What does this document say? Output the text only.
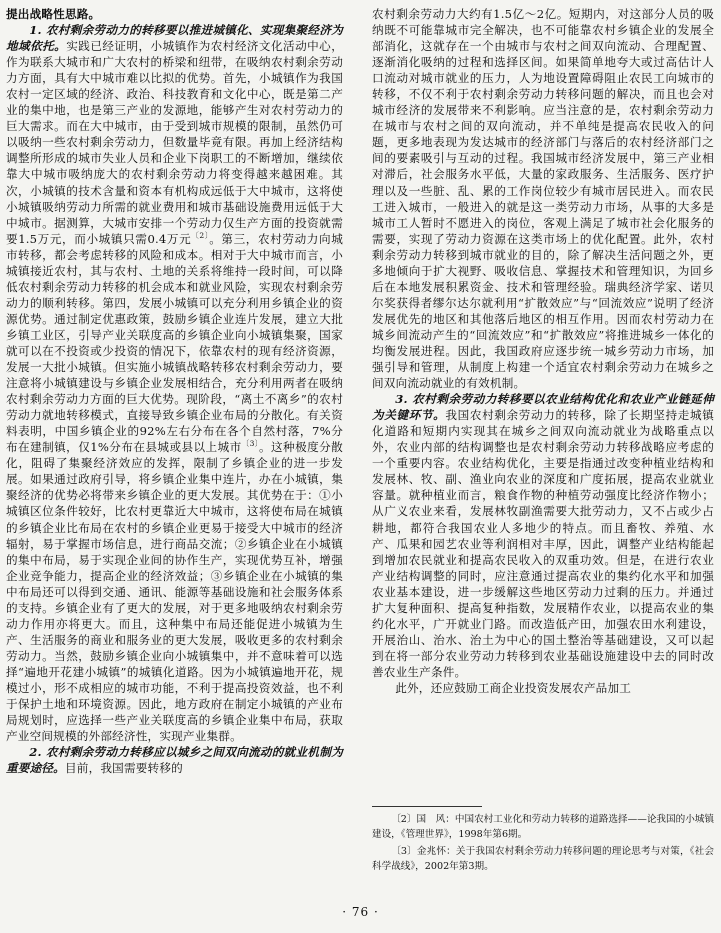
提出战略性思路。

1. 农村剩余劳动力的转移要以推进城镇化、实现集聚经济为地域依托。实践已经证明，小城镇作为农村经济文化活动中心，作为联系大城市和广大农村的桥梁和纽带，在吸纳农村剩余劳动力方面，具有大中城市难以比拟的优势。首先，小城镇作为我国农村一定区域的经济、政治、科技教育和文化中心，既是第二产业的集中地，也是第三产业的发源地，能够产生对农村劳动力的巨大需求。而在大中城市，由于受到城市规模的限制，虽然仍可以吸纳一些农村剩余劳动力，但数量毕竟有限。再加上经济结构调整所形成的城市失业人员和企业下岗职工的不断增加，继续依靠大中城市吸纳庞大的农村剩余劳动力将变得越来越困难。其次，小城镇的技术含量和资本有机构成远低于大中城市，这将使小城镇吸纳劳动力所需的就业费用和城市基础设施费用远低于大中城市。据测算，大城市安排一个劳动力仅生产方面的投资就需要1.5万元，而小城镇只需0.4万元$^{〔2〕}$。第三，农村劳动力向城市转移，都会考虑转移的风险和成本。相对于大中城市而言，小城镇接近农村，其与农村、土地的关系将维持一段时间，可以降低农村剩余劳动力转移的机会成本和就业风险，实现农村剩余劳动力的顺利转移。第四，发展小城镇可以充分利用乡镇企业的资源优势。通过制定优惠政策，鼓励乡镇企业连片发展，建立大批乡镇工业区，引导产业关联度高的乡镇企业向小城镇集聚，国家就可以在不投资或少投资的情况下，依靠农村的现有经济资源，发展一大批小城镇。但实施小城镇战略转移农村剩余劳动力，要注意将小城镇建设与乡镇企业发展相结合，充分利用两者在吸纳农村剩余劳动力方面的巨大优势。现阶段，“离土不离乡”的农村劳动力就地转移模式，直接导致乡镇企业布局的分散化。有关资料表明，中国乡镇企业的92%左右分布在各个自然村落，7%分布在建制镇，仅1%分布在县城或县以上城市$^{〔3〕}$。这种极度分散化，阻碍了集聚经济效应的发挥，限制了乡镇企业的进一步发展。如果通过政府引导，将乡镇企业集中连片，办在小城镇，集聚经济的优势必将带来乡镇企业的更大发展。其优势在于：①小城镇区位条件较好，比农村更靠近大中城市，这将使布局在城镇的乡镇企业比布局在农村的乡镇企业更易于接受大中城市的经济辐射，易于掌握市场信息，进行商品交流；②乡镇企业在小城镇的集中布局，易于实现企业间的协作生产，实现优势互补，增强企业竞争能力，提高企业的经济效益；③乡镇企业在小城镇的集中布局还可以得到交通、通讯、能源等基础设施和社会服务体系的支持。乡镇企业有了更大的发展，对于更多地吸纳农村剩余劳动力作用亦将更大。而且，这种集中布局还能促进小城镇为生产、生活服务的商业和服务业的更大发展，吸收更多的农村剩余劳动力。当然，鼓励乡镇企业向小城镇集中，并不意味着可以选择“遍地开花建小城镇”的城镇化道路。因为小城镇遍地开花，规模过小，形不成相应的城市功能，不利于提高投资效益，也不利于保护土地和环境资源。因此，地方政府在制定小城镇的产业布局规划时，应选择一些产业关联度高的乡镇企业集中布局，获取产业空间规模的外部经济性，实现产业集群。

2. 农村剩余劳动力转移应以城乡之间双向流动的就业机制为重要途径。目前，我国需要转移的

农村剩余劳动力大约有1.5亿～2亿。短期内，对这部分人员的吸纳既不可能靠城市完全解决，也不可能靠农村乡镇企业的发展全部消化，这就存在一个由城市与农村之间双向流动、合理配置、逐渐消化吸纳的过程和选择区间。如果简单地夸大或过高估计人口流动对城市就业的压力，人为地设置障碍阻止农民工向城市的转移，不仅不利于农村剩余劳动力转移问题的解决，而且也会对城市经济的发展带来不利影响。应当注意的是，农村剩余劳动力在城市与农村之间的双向流动，并不单纯是提高农民收入的问题，更多地表现为发达城市的经济部门与落后的农村经济部门之间的要素吸引与互动的过程。我国城市经济发展中，第三产业相对滞后，社会服务水平低，大量的家政服务、生活服务、医疗护理以及一些脏、乱、累的工作岗位较少有城市居民进入。而农民工进入城市，一般进入的就是这一类劳动力市场，从事的大多是城市工人暂时不愿进入的岗位，客观上满足了城市社会化服务的需要，实现了劳动力资源在这类市场上的优化配置。此外，农村剩余劳动力转移到城市就业的目的，除了解决生活问题之外，更多地倾向于扩大视野、吸收信息、掌握技术和管理知识，为回乡后在本地发展积累资金、技术和管理经验。瑞典经济学家、诺贝尔奖获得者缪尔达尔就利用“扩散效应”与“回流效应”说明了经济发展优先的地区和其他落后地区的相互作用。因而农村劳动力在城乡间流动产生的“回流效应”和“扩散效应”将推进城乡一体化的均衡发展进程。因此，我国政府应逐步统一城乡劳动力市场，加强引导和管理，从制度上构建一个适宜农村剩余劳动力在城乡之间双向流动就业的有效机制。

3. 农村剩余劳动力转移要以农业结构优化和农业产业链延伸为关键环节。我国农村剩余劳动力的转移，除了长期坚持走城镇化道路和短期内实现其在城乡之间双向流动就业为战略重点以外，农业内部的结构调整也是农村剩余劳动力转移战略应考虑的一个重要内容。农业结构优化，主要是指通过改变种植业结构和发展林、牧、副、渔业向农业的深度和广度拓展，提高农业就业容量。就种植业而言，粮食作物的种植劳动强度比经济作物小；从广义农业来看，发展林牧副渔需要大批劳动力，又不占或少占耕地，都符合我国农业人多地少的特点。而且畜牧、养殖、水产、瓜果和园艺农业等利润相对丰厚，因此，调整产业结构能起到增加农民就业和提高农民收入的双重功效。但是，在进行农业产业结构调整的同时，应注意通过提高农业的集约化水平和加强农业基本建设，进一步缓解这些地区劳动力过剩的压力。并通过扩大复种面积、提高复种指数，发展精作农业，以提高农业的集约化水平，广开就业门路。而改造低产田，加强农田水利建设，开展治山、治水、治土为中心的国土整治等基础建设，又可以起到在将一部分农业劳动力转移到农业基础设施建设中去的同时改善农业生产条件。

此外，还应鼓励工商企业投资发展农产品加工

〔2〕国　风：中国农村工业化和劳动力转移的道路选择——论我国的小城镇建设，《管理世界》，1998年第6期。

〔3〕金兆怀：关于我国农村剩余劳动力转移问题的理论思考与对策，《社会科学战线》，2002年第3期。

· 76 ·
